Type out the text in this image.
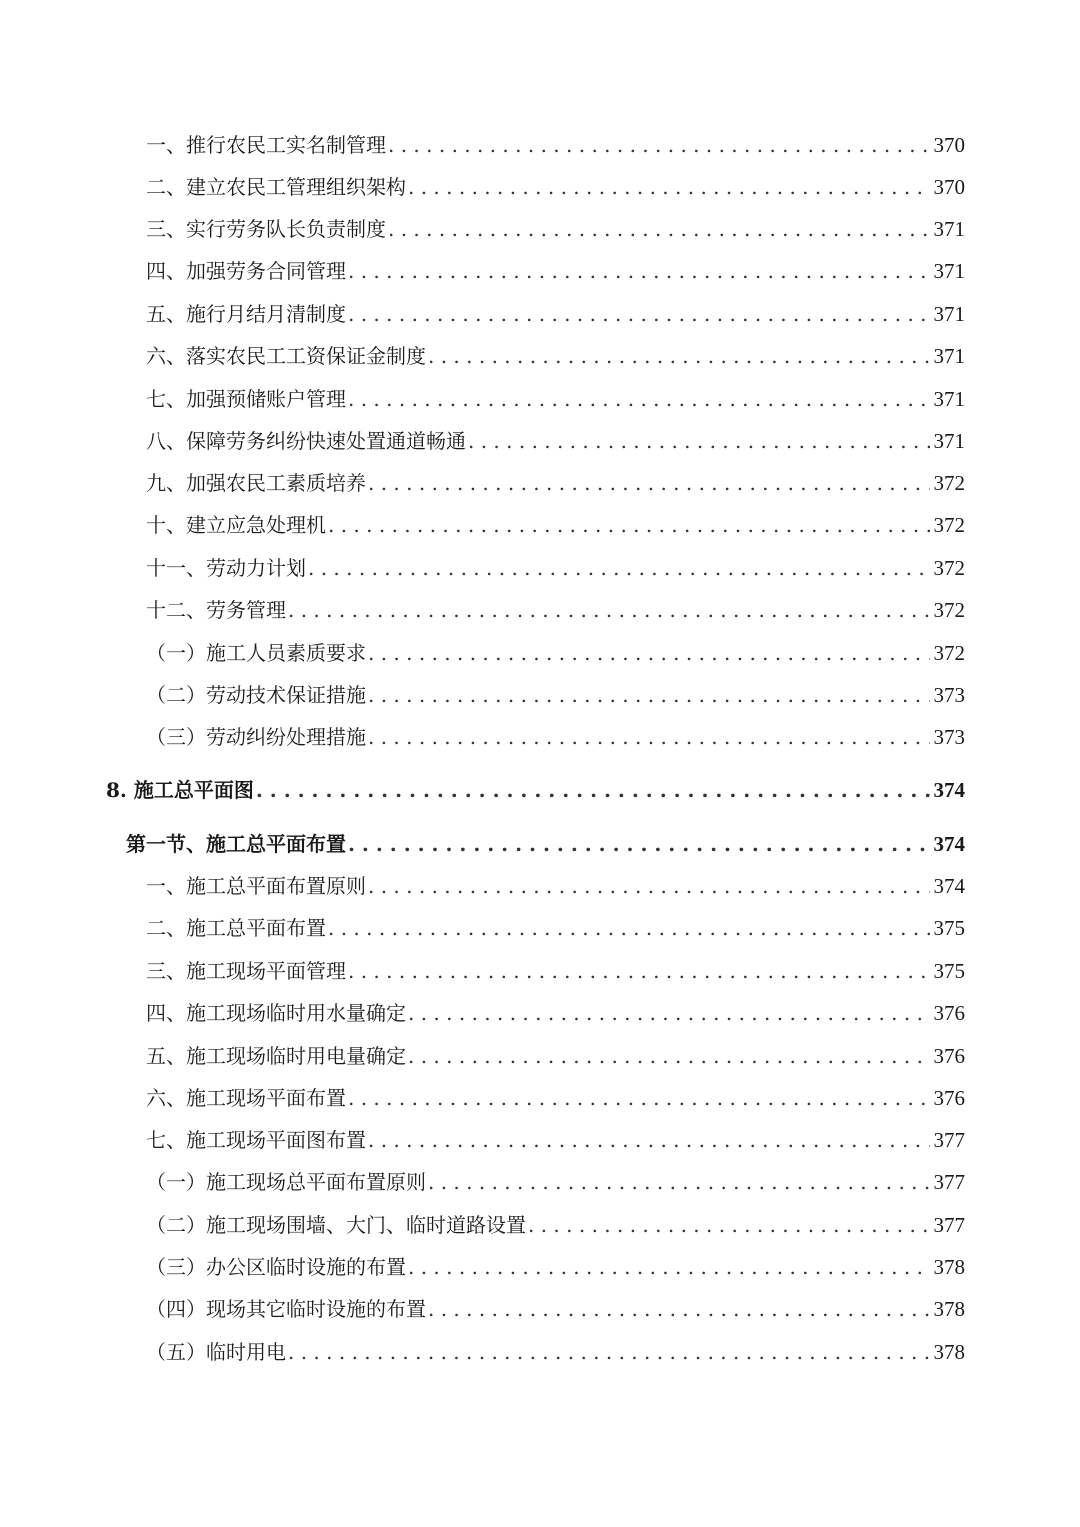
一、推行农民工实名制管理 . . .	370
二、建立农民工管理组织架构 . . .	370
三、实行劳务队长负责制度 . . .	371
四、加强劳务合同管理 . . .	371
五、施行月结月清制度 . . .	371
六、落实农民工工资保证金制度 . . .	371
七、加强预储账户管理 . . .	371
八、保障劳务纠纷快速处置通道畅通 . . .	371
九、加强农民工素质培养 . . .	372
十、建立应急处理机 . . .	372
十一、劳动力计划 . . .	372
十二、劳务管理 . . .	372
（一）施工人员素质要求 . . .	372
（二）劳动技术保证措施 . . .	373
（三）劳动纠纷处理措施 . . .	373
8. 施工总平面图 . . .	374
第一节、施工总平面布置 . . .	374
一、施工总平面布置原则 . . .	374
二、施工总平面布置 . . .	375
三、施工现场平面管理 . . .	375
四、施工现场临时用水量确定 . . .	376
五、施工现场临时用电量确定 . . .	376
六、施工现场平面布置 . . .	376
七、施工现场平面图布置 . . .	377
（一）施工现场总平面布置原则 . . .	377
（二）施工现场围墙、大门、临时道路设置 . . .	377
（三）办公区临时设施的布置 . . .	378
（四）现场其它临时设施的布置 . . .	378
（五）临时用电 . . .	378
